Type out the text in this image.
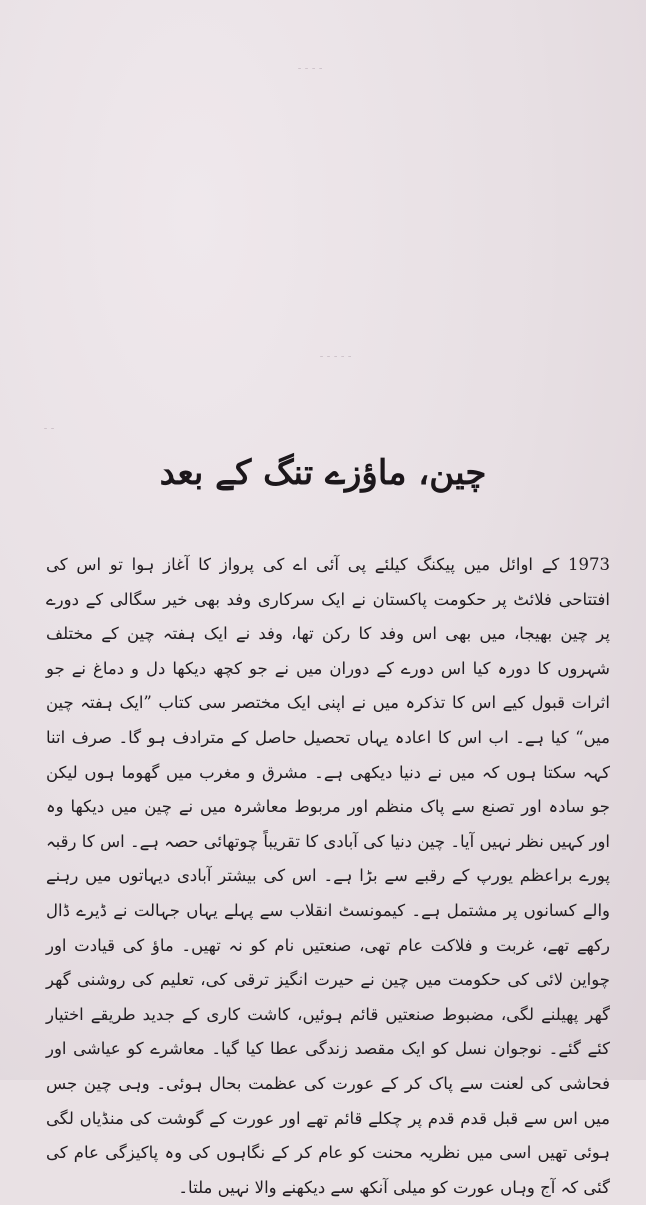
۔۔۔۔
۔۔۔۔۔
۔۔
چین، ماؤزے تنگ کے بعد

1973 کے اوائل میں پیکنگ کیلئے پی آئی اے کی پرواز کا آغاز ہوا تو اس کی افتتاحی فلائٹ پر حکومت پاکستان نے ایک سرکاری وفد بھی خیر سگالی کے دورے پر چین بھیجا، میں بھی اس وفد کا رکن تھا، وفد نے ایک ہفتہ چین کے مختلف شہروں کا دورہ کیا اس دورے کے دوران میں نے جو کچھ دیکھا دل و دماغ نے جو اثرات قبول کیے اس کا تذکرہ میں نے اپنی ایک مختصر سی کتاب ”ایک ہفتہ چین میں“ کیا ہے۔ اب اس کا اعادہ یہاں تحصیل حاصل کے مترادف ہو گا۔ صرف اتنا کہہ سکتا ہوں کہ میں نے دنیا دیکھی ہے۔ مشرق و مغرب میں گھوما ہوں لیکن جو سادہ اور تصنع سے پاک منظم اور مربوط معاشرہ میں نے چین میں دیکھا وہ اور کہیں نظر نہیں آیا۔ چین دنیا کی آبادی کا تقریباً چوتھائی حصہ ہے۔ اس کا رقبہ پورے براعظم یورپ کے رقبے سے بڑا ہے۔ اس کی بیشتر آبادی دیہاتوں میں رہنے والے کسانوں پر مشتمل ہے۔ کیمونسٹ انقلاب سے پہلے یہاں جہالت نے ڈیرے ڈال رکھے تھے، غربت و فلاکت عام تھی، صنعتیں نام کو نہ تھیں۔ ماؤ کی قیادت اور چواین لائی کی حکومت میں چین نے حیرت انگیز ترقی کی، تعلیم کی روشنی گھر گھر پھیلنے لگی، مضبوط صنعتیں قائم ہوئیں، کاشت کاری کے جدید طریقے اختیار کئے گئے۔ نوجوان نسل کو ایک مقصد زندگی عطا کیا گیا۔ معاشرے کو عیاشی اور فحاشی کی لعنت سے پاک کر کے عورت کی عظمت بحال ہوئی۔ وہی چین جس میں اس سے قبل قدم قدم پر چکلے قائم تھے اور عورت کے گوشت کی منڈیاں لگی ہوئی تھیں اسی میں نظریہ محنت کو عام کر کے نگاہوں کی وہ پاکیزگی عام کی گئی کہ آج وہاں عورت کو میلی آنکھ سے دیکھنے والا نہیں ملتا۔
